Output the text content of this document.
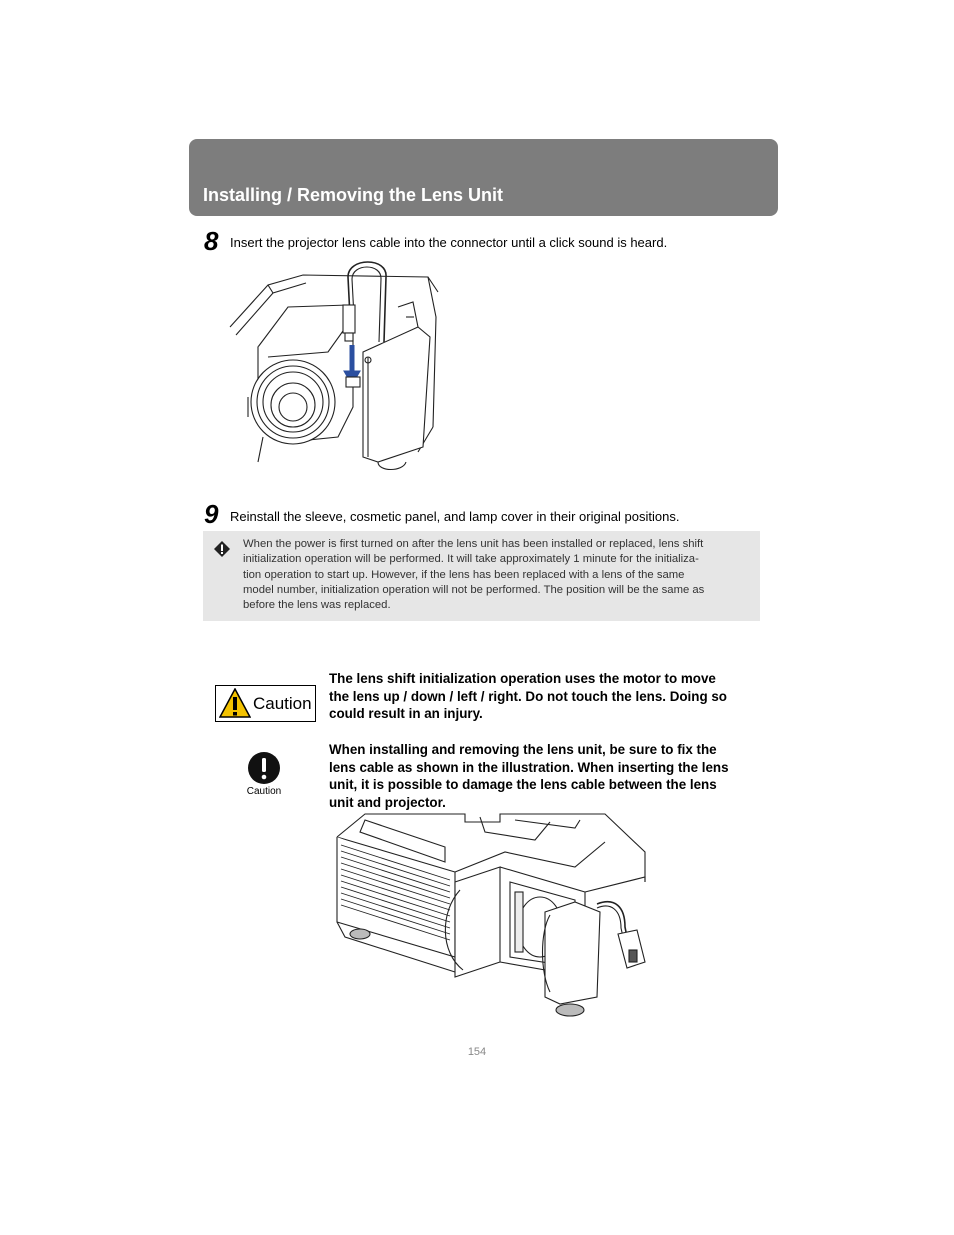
Installing / Removing the Lens Unit
8 Insert the projector lens cable into the connector until a click sound is heard.
9 Reinstall the sleeve, cosmetic panel, and lamp cover in their original positions.
When the power is first turned on after the lens unit has been installed or replaced, lens shift
initialization operation will be performed. It will take approximately 1 minute for the initializa-
tion operation to start up. However, if the lens has been replaced with a lens of the same
model number, initialization operation will not be performed. The position will be the same as
before the lens was replaced.
Caution
The lens shift initialization operation uses the motor to move
the lens up / down / left / right. Do not touch the lens. Doing so
could result in an injury.
Caution
When installing and removing the lens unit, be sure to fix the
lens cable as shown in the illustration. When inserting the lens
unit, it is possible to damage the lens cable between the lens
unit and projector.
154
